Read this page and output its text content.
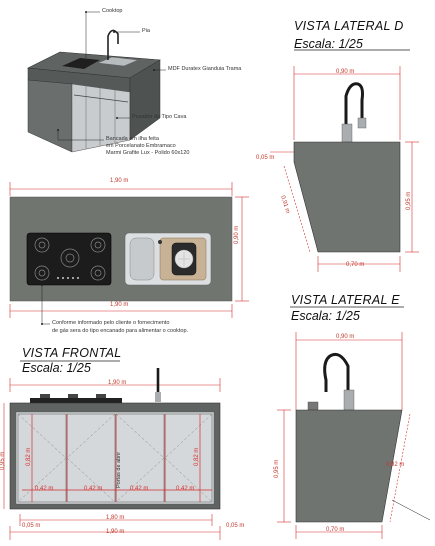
Cooktop
Pia
MDF Duratex Gianduia Trama
Puxador do Tipo Cava
Bancada em ilha feita
em Porcelanato Embramaco
Marmi Grafite Lux - Polido 60x120
1,90 m
1,90 m
0,90 m
Conforme informado pelo cliente o fornecimento
de gás sera do tipo encanado para alimentar o cooktop.
VISTA LATERAL D
Escala: 1/25
0,90 m
0,05 m
0,91 m	0,95 m
0,70 m
VISTA LATERAL E
Escala: 1/25
0,90 m
0,95 m	0,92 m
0,70 m
VISTA FRONTAL
Escala: 1/25
1,90 m
0,82 m	0,82 m
0,95 m
0,42 m	0,42 m	0,42 m	0,42 m
Portas de abrir
1,80 m
1,90 m
0,05 m	0,05 m
